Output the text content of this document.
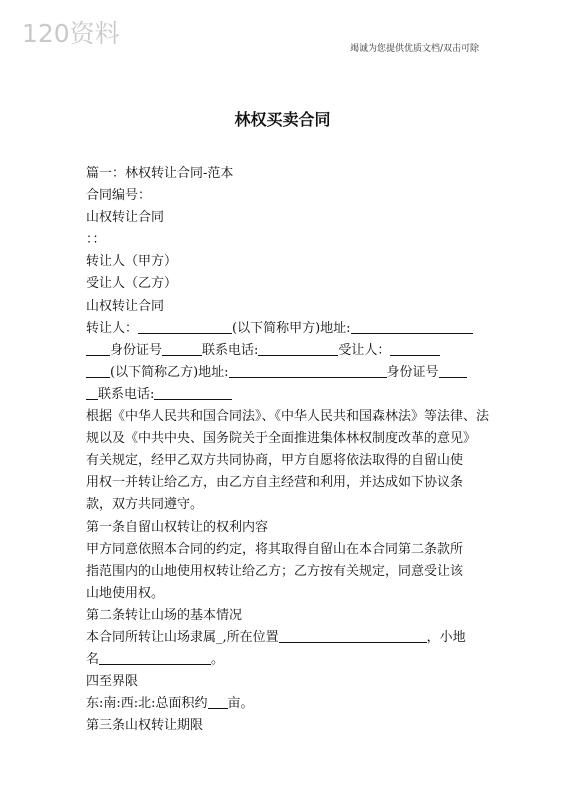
120资料
竭诚为您提供优质文档/双击可除
林权买卖合同
篇一：林权转让合同-范本
合同编号：
山权转让合同
：：
转让人（甲方）
受让人（乙方）
山权转让合同
转让人：	(以下简称甲方)地址:
身份证号	联系电话:	受让人：
(以下简称乙方)地址:	身份证号
联系电话:
根据《中华人民共和国合同法》、《中华人民共和国森林法》等法律、法
规以及《中共中央、国务院关于全面推进集体林权制度改革的意见》
有关规定，经甲乙双方共同协商，甲方自愿将依法取得的自留山使
用权一并转让给乙方，由乙方自主经营和利用，并达成如下协议条
款，双方共同遵守。
第一条自留山权转让的权利内容
甲方同意依照本合同的约定，将其取得自留山在本合同第二条款所
指范围内的山地使用权转让给乙方；乙方按有关规定，同意受让该
山地使用权。
第二条转让山场的基本情况
本合同所转让山场隶属_,所在位置	，小地
名	。
四至界限
东:南:西:北:总面积约 亩。
第三条山权转让期限
